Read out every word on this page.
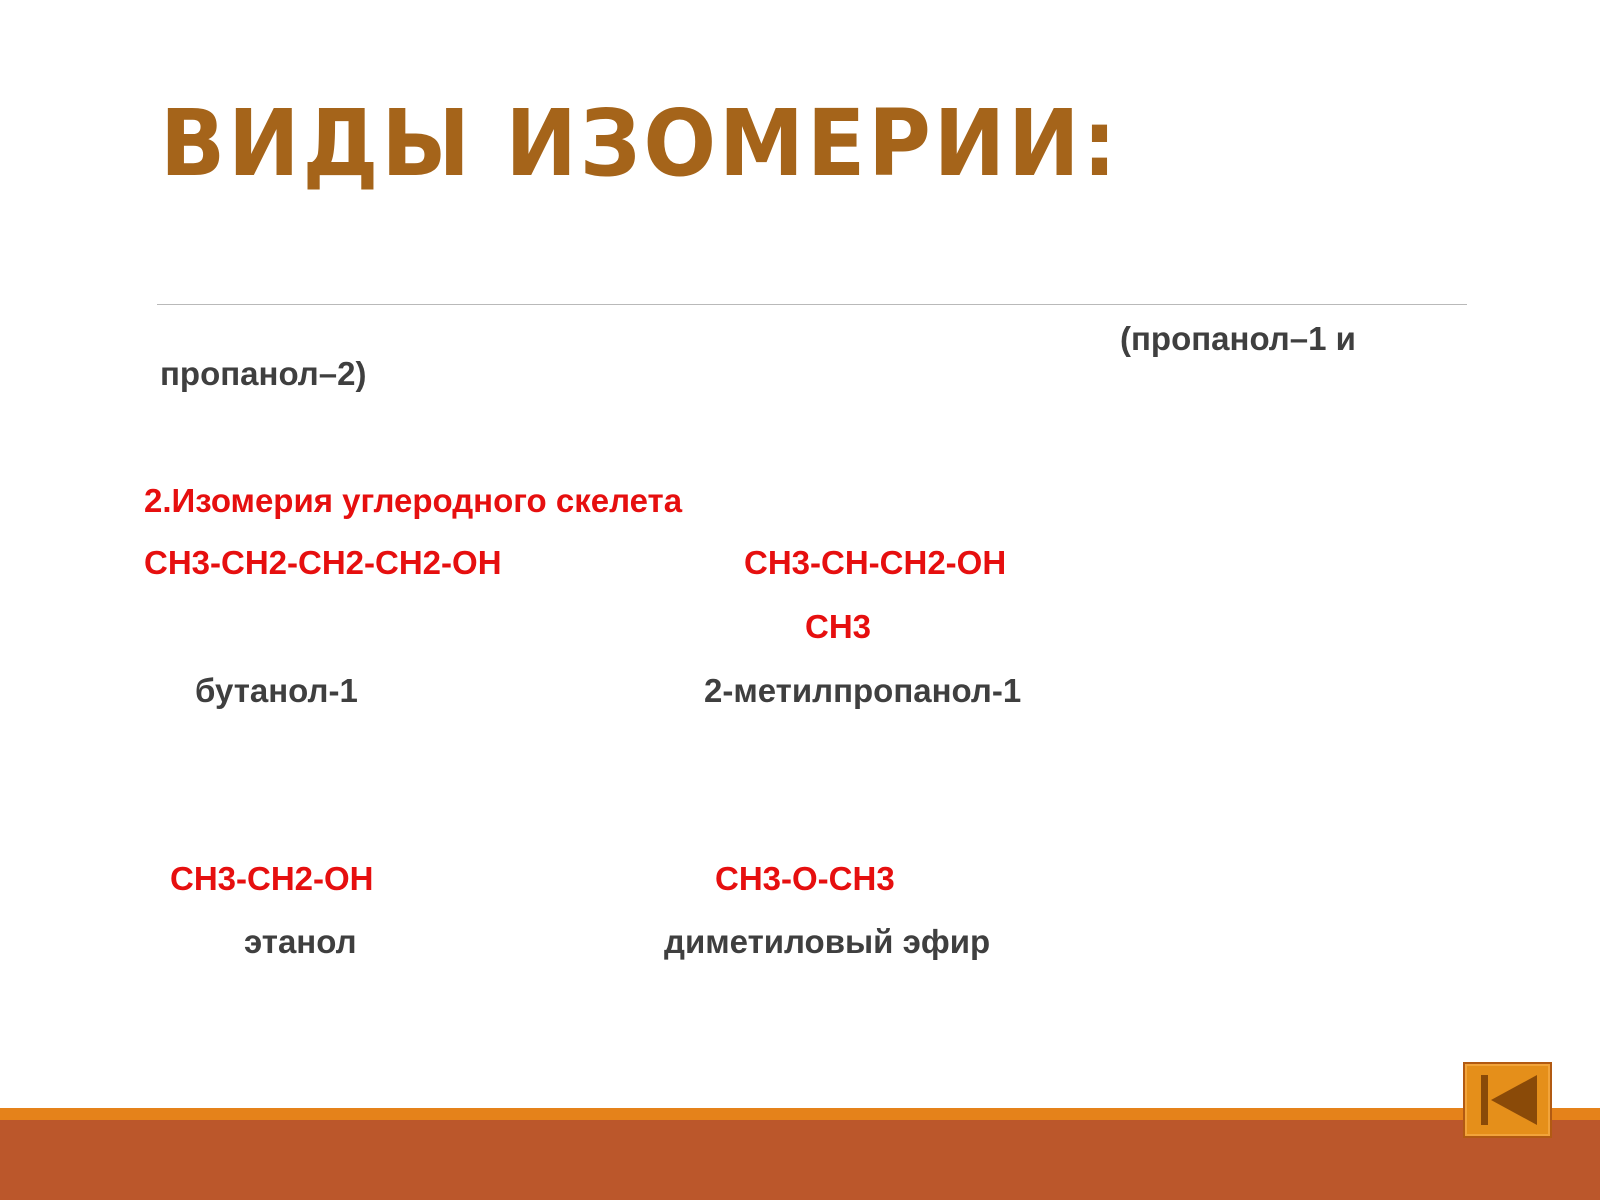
ВИДЫ ИЗОМЕРИИ:
(пропанол–1 и
пропанол–2)
2.Изомерия углеродного скелета
CH3-CH2-CH2-CH2-OH	CH3-CH-CH2-OH
CH3
бутанол-1	2-метилпропанол-1
CH3-CH2-OH	CH3-O-CH3
этанол	диметиловый эфир
